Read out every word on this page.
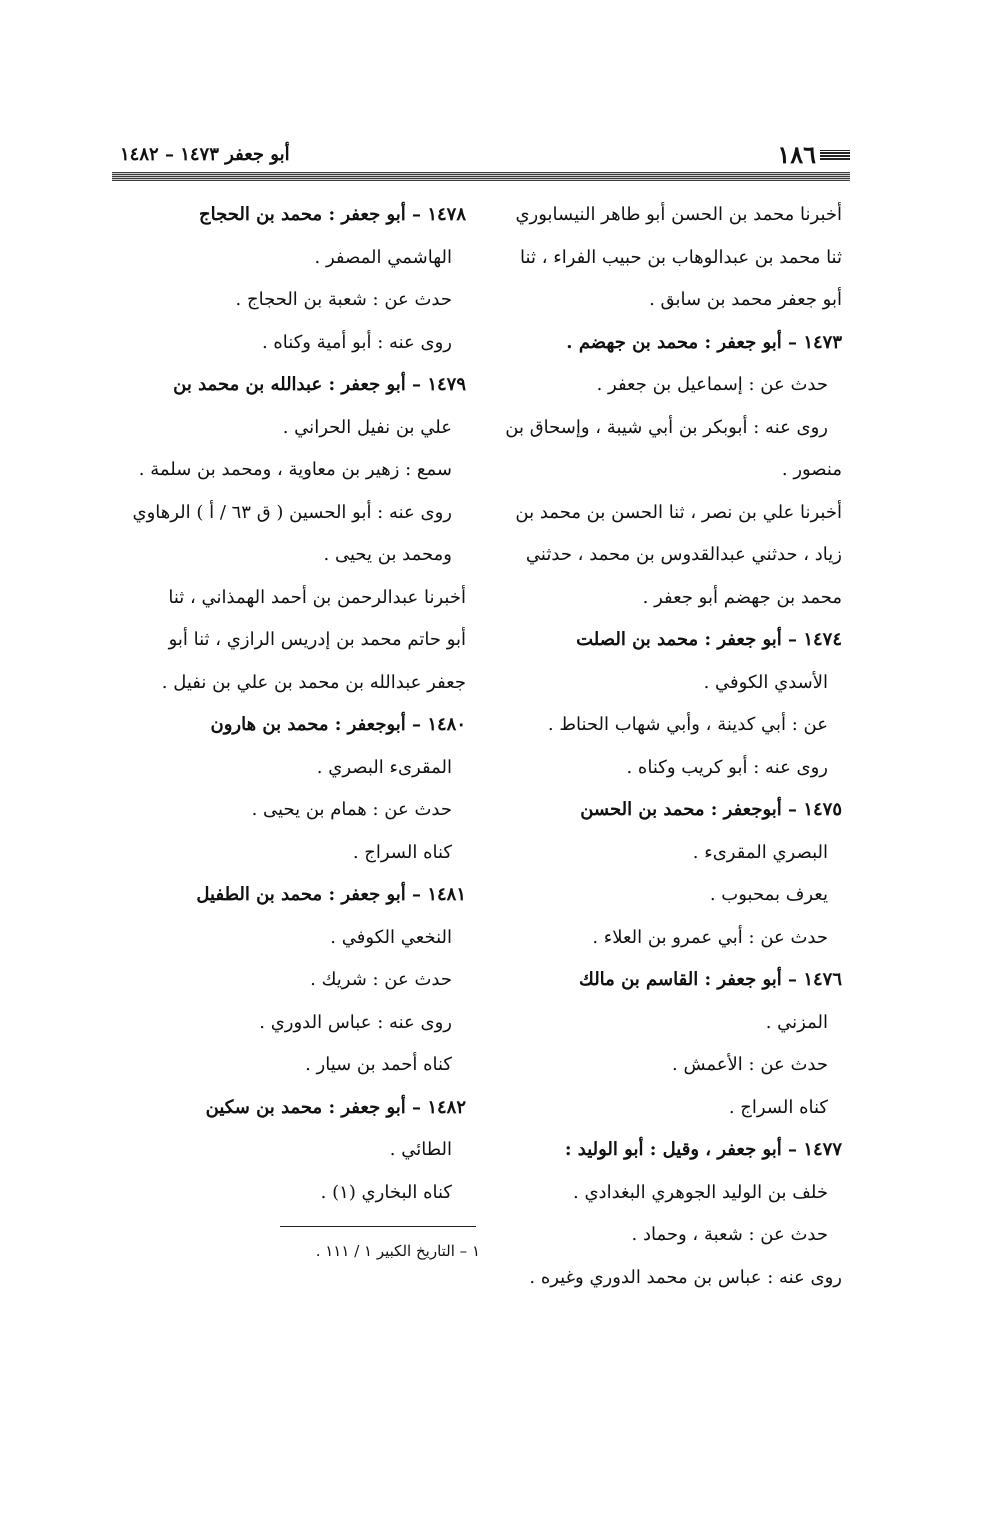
١٨٦
أبو جعفر ١٤٧٣ – ١٤٨٢
أخبرنا محمد بن الحسن أبو طاهر النيسابوري
ثنا محمد بن عبدالوهاب بن حبيب الفراء ، ثنا
أبو جعفر محمد بن سابق .
١٤٧٣ – أبو جعفر : محمد بن جهضم .
حدث عن : إسماعيل بن جعفر .
روى عنه : أبوبكر بن أبي شيبة ، وإسحاق بن
منصور .
أخبرنا علي بن نصر ، ثنا الحسن بن محمد بن
زياد ، حدثني عبدالقدوس بن محمد ، حدثني
محمد بن جهضم أبو جعفر .
١٤٧٤ – أبو جعفر : محمد بن الصلت
الأسدي الكوفي .
عن : أبي كدينة ، وأبي شهاب الحناط .
روى عنه : أبو كريب وكناه .
١٤٧٥ – أبوجعفر : محمد بن الحسن
البصري المقرىء .
يعرف بمحبوب .
حدث عن : أبي عمرو بن العلاء .
١٤٧٦ – أبو جعفر : القاسم بن مالك
المزني .
حدث عن : الأعمش .
كناه السراج .
١٤٧٧ – أبو جعفر ، وقيل : أبو الوليد :
خلف بن الوليد الجوهري البغدادي .
حدث عن : شعبة ، وحماد .
روى عنه : عباس بن محمد الدوري وغيره .
١٤٧٨ – أبو جعفر : محمد بن الحجاج
الهاشمي المصفر .
حدث عن : شعبة بن الحجاج .
روى عنه : أبو أمية وكناه .
١٤٧٩ – أبو جعفر : عبدالله بن محمد بن
علي بن نفيل الحراني .
سمع : زهير بن معاوية ، ومحمد بن سلمة .
روى عنه : أبو الحسين ( ق ٦٣ / أ ) الرهاوي
ومحمد بن يحيى .
أخبرنا عبدالرحمن بن أحمد الهمذاني ، ثنا
أبو حاتم محمد بن إدريس الرازي ، ثنا أبو
جعفر عبدالله بن محمد بن علي بن نفيل .
١٤٨٠ – أبوجعفر : محمد بن هارون
المقرىء البصري .
حدث عن : همام بن يحيى .
كناه السراج .
١٤٨١ – أبو جعفر : محمد بن الطفيل
النخعي الكوفي .
حدث عن : شريك .
روى عنه : عباس الدوري .
كناه أحمد بن سيار .
١٤٨٢ – أبو جعفر : محمد بن سكين
الطائي .
كناه البخاري (١) .
١ – التاريخ الكبير ١ / ١١١ .
